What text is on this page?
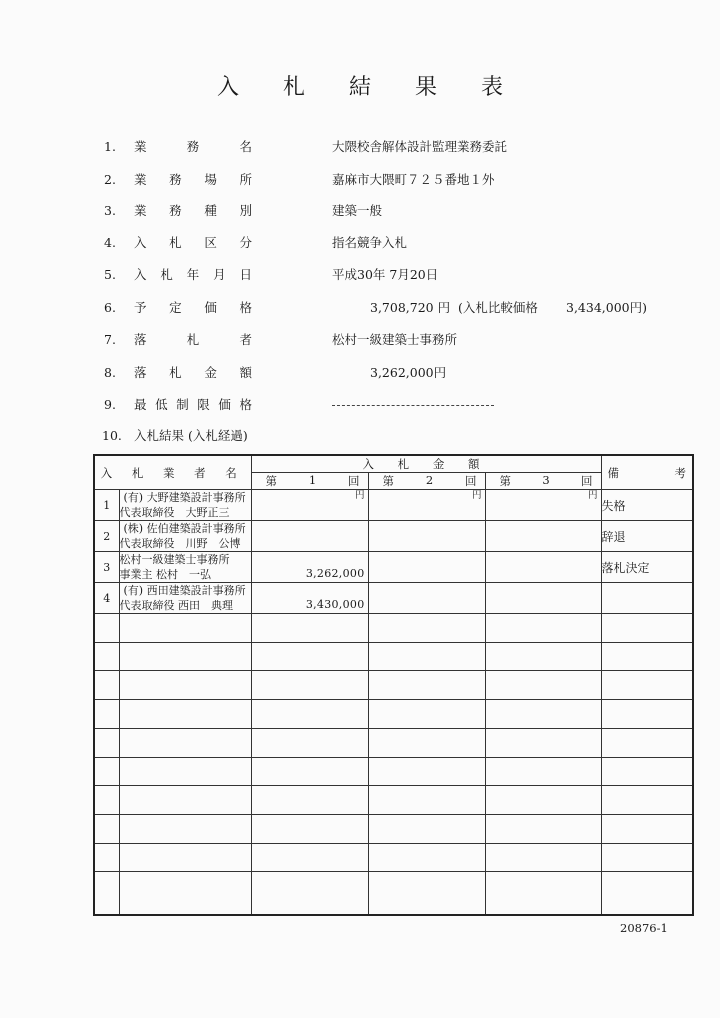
入 札 結 果 表
1. 業	務	名	大隈校舎解体設計監理業務委託
2. 業 務 場 所	嘉麻市大隈町７２５番地１外
3. 業 務 種 別	建築一般
4. 入 札 区 分	指名競争入札
5. 入 札 年 月 日	平成30年 7月20日
6. 予 定 価 格	3,708,720 円 (入札比較価格 3,434,000円)
7. 落	札	者	松村一級建築士事務所
8. 落 札 金 額	3,262,000円
9. 最 低 制 限 価 格
10. 入札結果 (入札経過)
入 札 業 者 名		入 札 金 額			備 考

		第 1 回	第 2 回	第 3 回	

1	(有) 大野建築設計事務所
代表取締役　大野正三	円	円	円	失格
2	(株) 佐伯建築設計事務所
代表取締役　川野　公博				辞退
3	松村一級建築士事務所
事業主 松村　一弘	3,262,000			落札決定
4	(有) 西田建築設計事務所
代表取締役 西田　典理	3,430,000			

20876-1
